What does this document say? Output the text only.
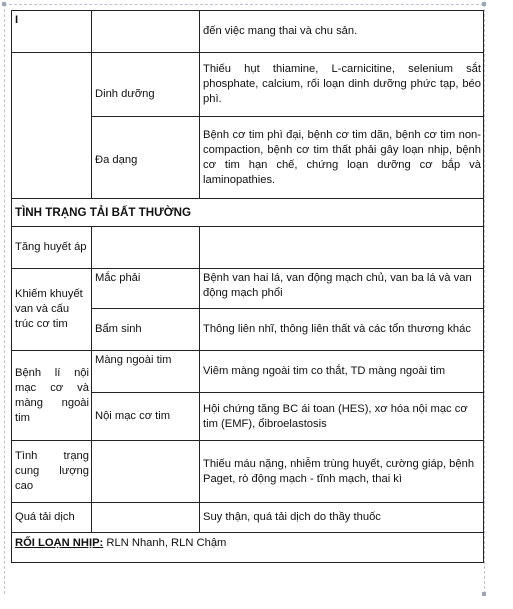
I		đến việc mang thai và chu sản.
	Dinh dưỡng	Thiếu hụt thiamine, L-carnicitine, selenium sắt phosphate, calcium, rối loạn dinh dưỡng phức tạp, béo phì.
	Đa dạng	Bệnh cơ tim phì đại, bệnh cơ tim dãn, bệnh cơ tim non-compaction, bệnh cơ tim thất phải gây loạn nhịp, bệnh cơ tim hạn chế, chứng loạn dưỡng cơ bắp và laminopathies.
TÌNH TRẠNG TẢI BẤT THƯỜNG		
Tăng huyết áp		
Khiếm khuyết van và cấu trúc cơ tim	Mắc phải	Bệnh van hai lá, van động mạch chủ, van ba lá và van động mạch phổi
	Bẩm sinh	Thông liên nhĩ, thông liên thất và các tổn thương khác
Bệnh lí nội mạc cơ và màng ngoài tim	Màng ngoài tim	Viêm màng ngoài tim co thắt, TD màng ngoài tim
	Nội mạc cơ tim	Hội chứng tăng BC ái toan (HES), xơ hóa nội mạc cơ tim (EMF), ổibroelastosis
Tình trạng cung lượng cao		Thiếu máu nặng, nhiễm trùng huyết, cường giáp, bệnh Paget, rò động mạch - tĩnh mạch, thai kì
Quá tải dịch		Suy thận, quá tải dịch do thầy thuốc
RỐI LOẠN NHỊP: RLN Nhanh, RLN Chậm		
